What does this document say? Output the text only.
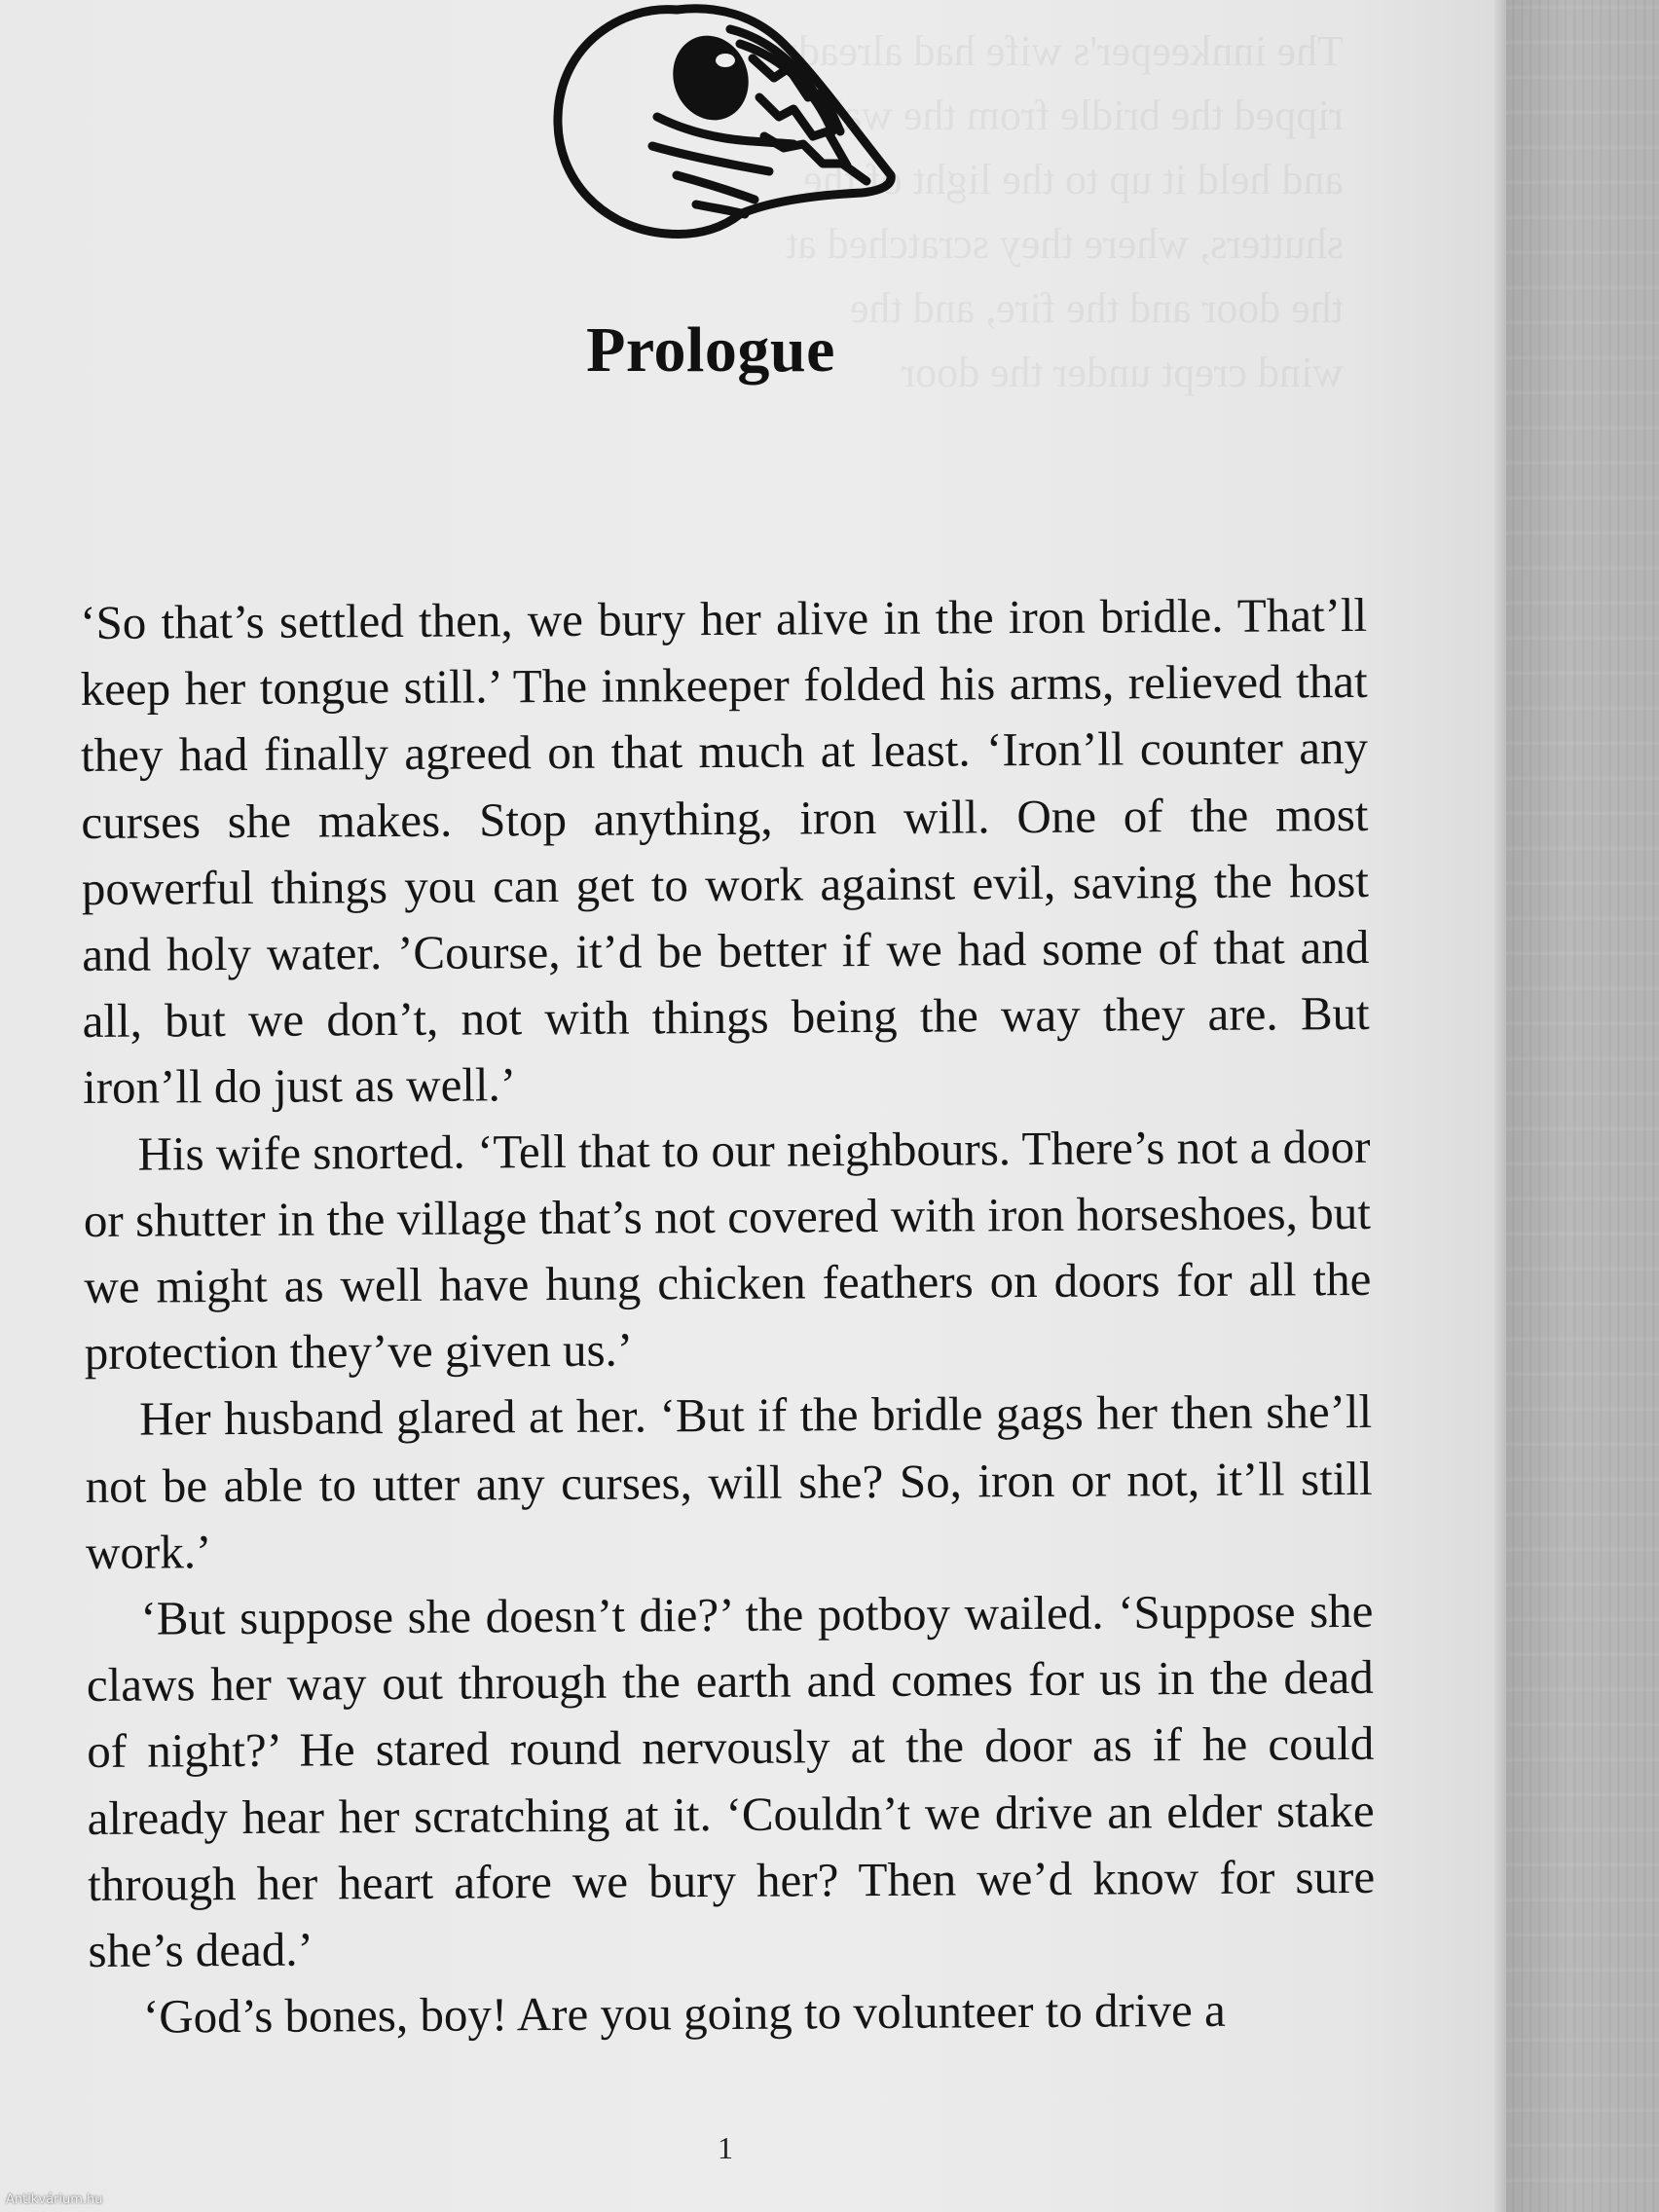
The innkeeper's wife had already
ripped the bridle from the wall
and held it up to the light of the
shutters, where they scratched at
the door and the fire, and the
wind crept under the door

Prologue

‘So that’s settled then, we bury her alive in the iron bridle. That’ll keep her tongue still.’ The innkeeper folded his arms, relieved that they had finally agreed on that much at least. ‘Iron’ll counter any curses she makes. Stop anything, iron will. One of the most powerful things you can get to work against evil, saving the host and holy water. ’Course, it’d be better if we had some of that and all, but we don’t, not with things being the way they are. But iron’ll do just as well.’

His wife snorted. ‘Tell that to our neighbours. There’s not a door or shutter in the village that’s not covered with iron horseshoes, but we might as well have hung chicken feathers on doors for all the protection they’ve given us.’

Her husband glared at her. ‘But if the bridle gags her then she’ll not be able to utter any curses, will she? So, iron or not, it’ll still work.’

‘But suppose she doesn’t die?’ the potboy wailed. ‘Suppose she claws her way out through the earth and comes for us in the dead of night?’ He stared round nervously at the door as if he could already hear her scratching at it. ‘Couldn’t we drive an elder stake through her heart afore we bury her? Then we’d know for sure she’s dead.’

‘God’s bones, boy! Are you going to volunteer to drive a

1
Antikvárium.hu
